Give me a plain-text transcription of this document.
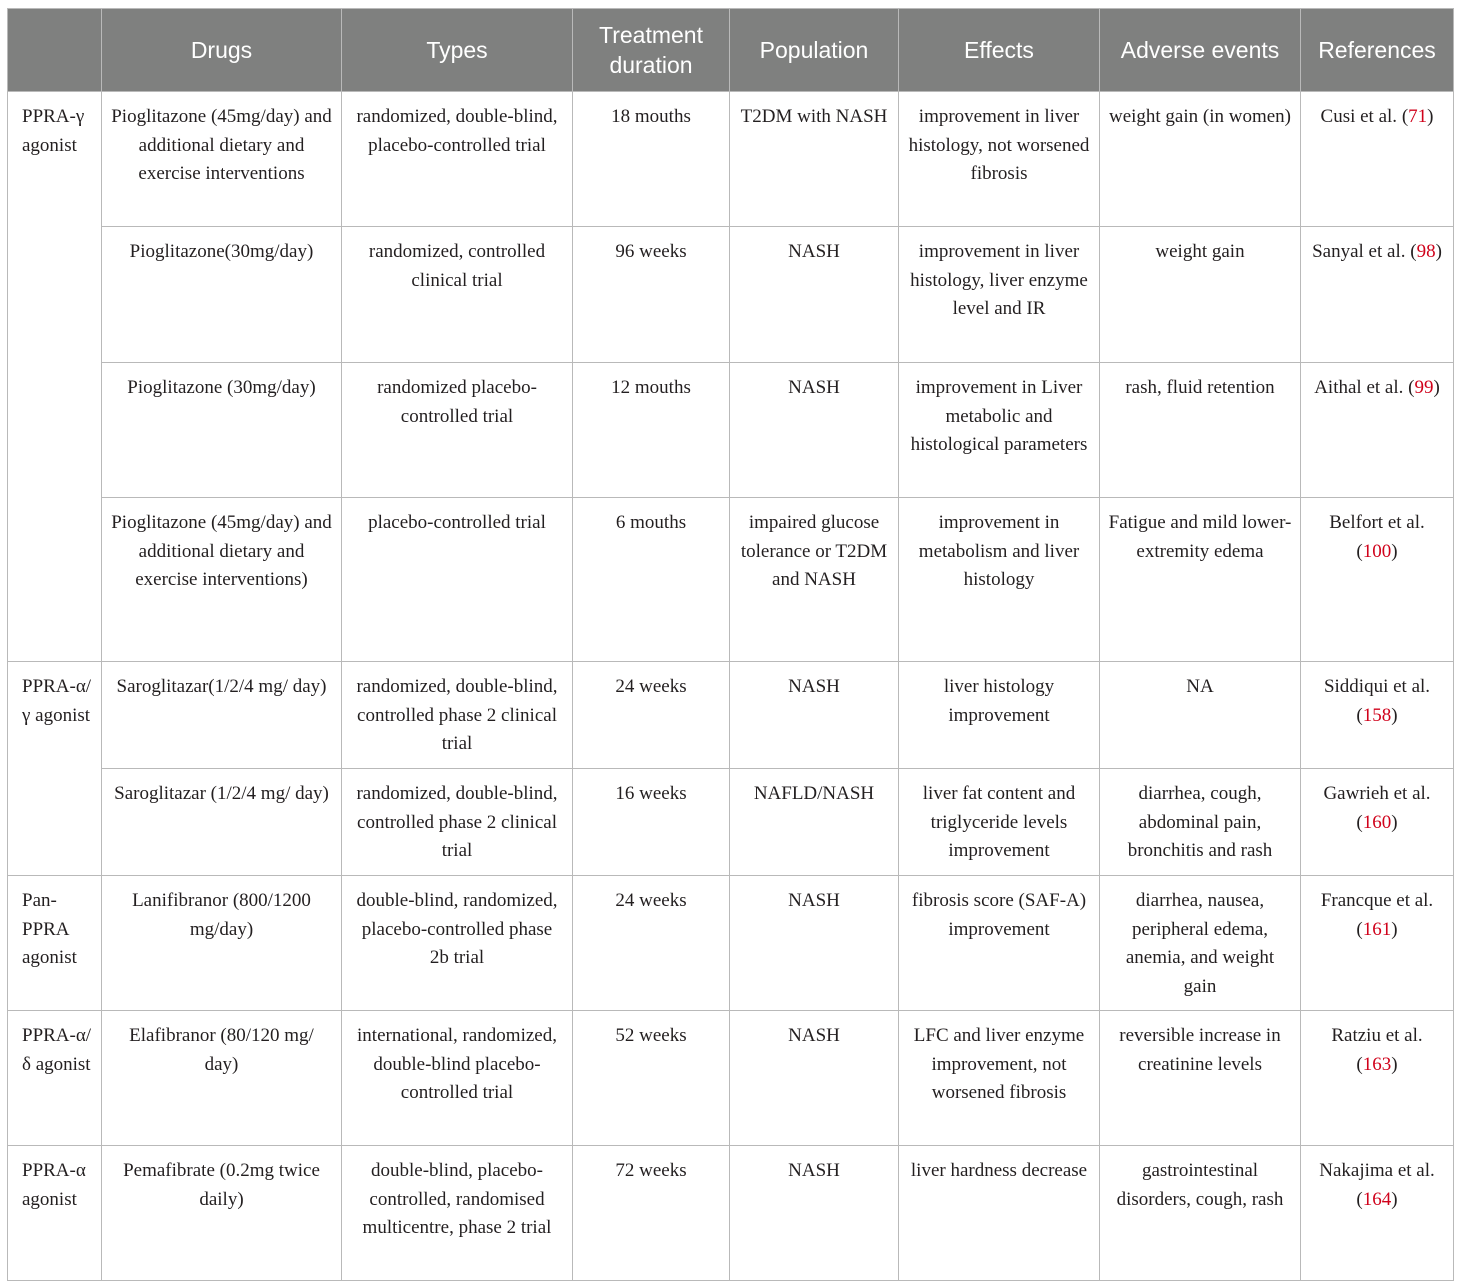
	Drugs	Types	Treatment duration	Population	Effects	Adverse events	References
PPRA-γ agonist	Pioglitazone (45mg/day) and additional dietary and exercise interventions	randomized, double-blind, placebo-controlled trial	18 mouths	T2DM with NASH	improvement in liver histology, not worsened fibrosis	weight gain (in women)	Cusi et al. (71)
	Pioglitazone(30mg/day)	randomized, controlled clinical trial	96 weeks	NASH	improvement in liver histology, liver enzyme level and IR	weight gain	Sanyal et al. (98)
	Pioglitazone (30mg/day)	randomized placebo-controlled trial	12 mouths	NASH	improvement in Liver metabolic and histological parameters	rash, fluid retention	Aithal et al. (99)
	Pioglitazone (45mg/day) and additional dietary and exercise interventions)	placebo-controlled trial	6 mouths	impaired glucose tolerance or T2DM and NASH	improvement in metabolism and liver histology	Fatigue and mild lower-extremity edema	Belfort et al. (100)
PPRA-α/γ agonist	Saroglitazar(1/2/4 mg/ day)	randomized, double-blind, controlled phase 2 clinical trial	24 weeks	NASH	liver histology improvement	NA	Siddiqui et al. (158)
	Saroglitazar (1/2/4 mg/ day)	randomized, double-blind, controlled phase 2 clinical trial	16 weeks	NAFLD/NASH	liver fat content and triglyceride levels improvement	diarrhea, cough, abdominal pain, bronchitis and rash	Gawrieh et al. (160)
Pan-PPRA agonist	Lanifibranor (800/1200 mg/day)	double-blind, randomized, placebo-controlled phase 2b trial	24 weeks	NASH	fibrosis score (SAF-A) improvement	diarrhea, nausea, peripheral edema, anemia, and weight gain	Francque et al. (161)
PPRA-α/δ agonist	Elafibranor (80/120 mg/ day)	international, randomized, double-blind placebo-controlled trial	52 weeks	NASH	LFC and liver enzyme improvement, not worsened fibrosis	reversible increase in creatinine levels	Ratziu et al. (163)
PPRA-α agonist	Pemafibrate (0.2mg twice daily)	double-blind, placebo-controlled, randomised multicentre, phase 2 trial	72 weeks	NASH	liver hardness decrease	gastrointestinal disorders, cough, rash	Nakajima et al. (164)
